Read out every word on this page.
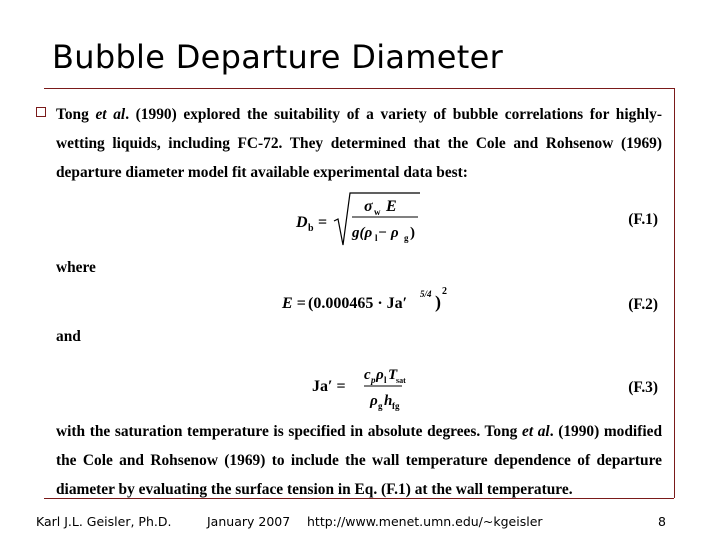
Bubble Departure Diameter
Tong et al. (1990) explored the suitability of a variety of bubble correlations for highly-wetting liquids, including FC-72. They determined that the Cole and Rohsenow (1969) departure diameter model fit available experimental data best:
D b =
σ w E
g(ρ l − ρ g )
(F.1)
where
E = (0.000465 · Ja′
5/4 )
2
(F.2)
and
Ja′ =
c p ρ l T
sat
ρ g h fg
(F.3)
with the saturation temperature is specified in absolute degrees. Tong et al. (1990) modified the Cole and Rohsenow (1969) to include the wall temperature dependence of departure diameter by evaluating the surface tension in Eq. (F.1) at the wall temperature.
Karl J.L. Geisler, Ph.D.	January 2007 http://www.menet.umn.edu/~kgeisler	8
